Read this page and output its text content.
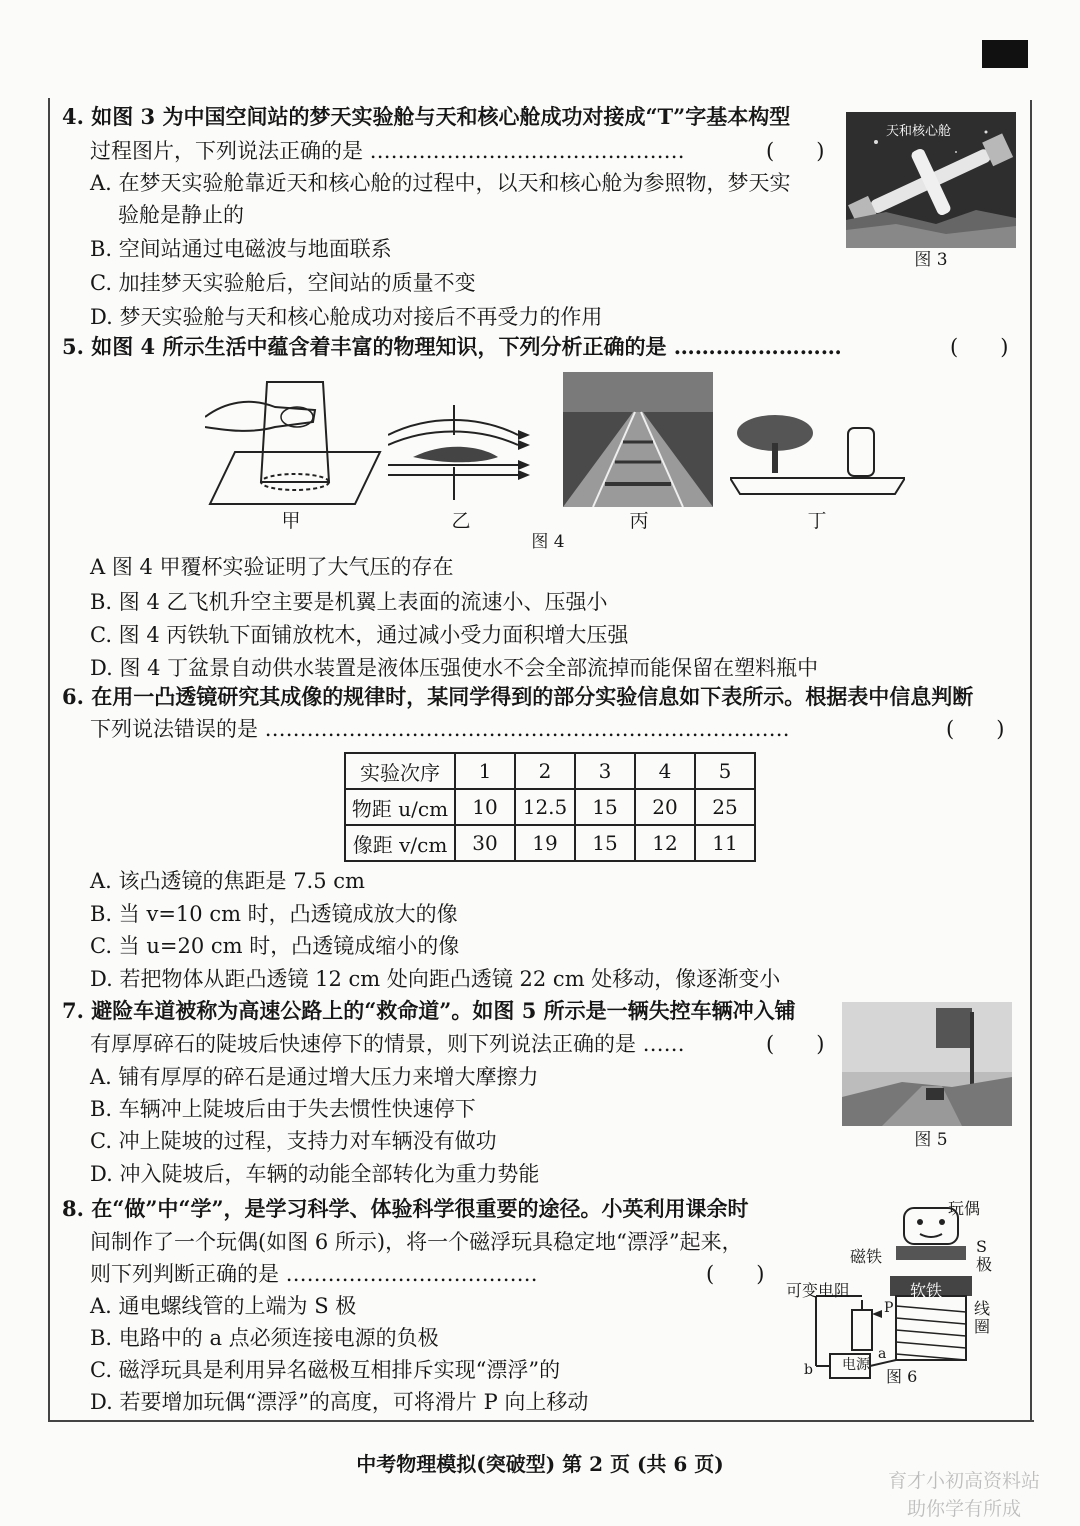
4. 如图 3 为中国空间站的梦天实验舱与天和核心舱成功对接成“T”字基本构型
过程图片，下列说法正确的是 ………………………………………	(　　)
A. 在梦天实验舱靠近天和核心舱的过程中，以天和核心舱为参照物，梦天实
验舱是静止的
B. 空间站通过电磁波与地面联系
C. 加挂梦天实验舱后，空间站的质量不变
D. 梦天实验舱与天和核心舱成功对接后不再受力的作用
天和核心舱
图 3
5. 如图 4 所示生活中蕴含着丰富的物理知识，下列分析正确的是 ……………………	(　　)
甲	乙	丙	丁
图 4
A 图 4 甲覆杯实验证明了大气压的存在
B. 图 4 乙飞机升空主要是机翼上表面的流速小、压强小
C. 图 4 丙铁轨下面铺放枕木，通过减小受力面积增大压强
D. 图 4 丁盆景自动供水装置是液体压强使水不会全部流掉而能保留在塑料瓶中
6. 在用一凸透镜研究其成像的规律时，某同学得到的部分实验信息如下表所示。根据表中信息判断
下列说法错误的是 …………………………………………………………………	(　　)
实验次序	1	2	3	4	5
物距 u/cm	10	12.5	15	20	25
像距 v/cm	30	19	15	12	11
A. 该凸透镜的焦距是 7.5 cm
B. 当 v=10 cm 时，凸透镜成放大的像
C. 当 u=20 cm 时，凸透镜成缩小的像
D. 若把物体从距凸透镜 12 cm 处向距凸透镜 22 cm 处移动，像逐渐变小
7. 避险车道被称为高速公路上的“救命道”。如图 5 所示是一辆失控车辆冲入铺
有厚厚碎石的陡坡后快速停下的情景，则下列说法正确的是 ……	(　　)
A. 铺有厚厚的碎石是通过增大压力来增大摩擦力
B. 车辆冲上陡坡后由于失去惯性快速停下
C. 冲上陡坡的过程，支持力对车辆没有做功
D. 冲入陡坡后，车辆的动能全部转化为重力势能
图 5
8. 在“做”中“学”，是学习科学、体验科学很重要的途径。小英利用课余时
间制作了一个玩偶(如图 6 所示)，将一个磁浮玩具稳定地“漂浮”起来，
则下列判断正确的是 ………………………………	(　　)
A. 通电螺线管的上端为 S 极
B. 电路中的 a 点必须连接电源的负极
C. 磁浮玩具是利用异名磁极互相排斥实现“漂浮”的
D. 若要增加玩偶“漂浮”的高度，可将滑片 P 向上移动
玩偶
磁铁
S 极
可变电阻	软铁
线圈
P
电源
a
b	图 6
中考物理模拟(突破型) 第 2 页 (共 6 页)
育才小初高资料站
助你学有所成
